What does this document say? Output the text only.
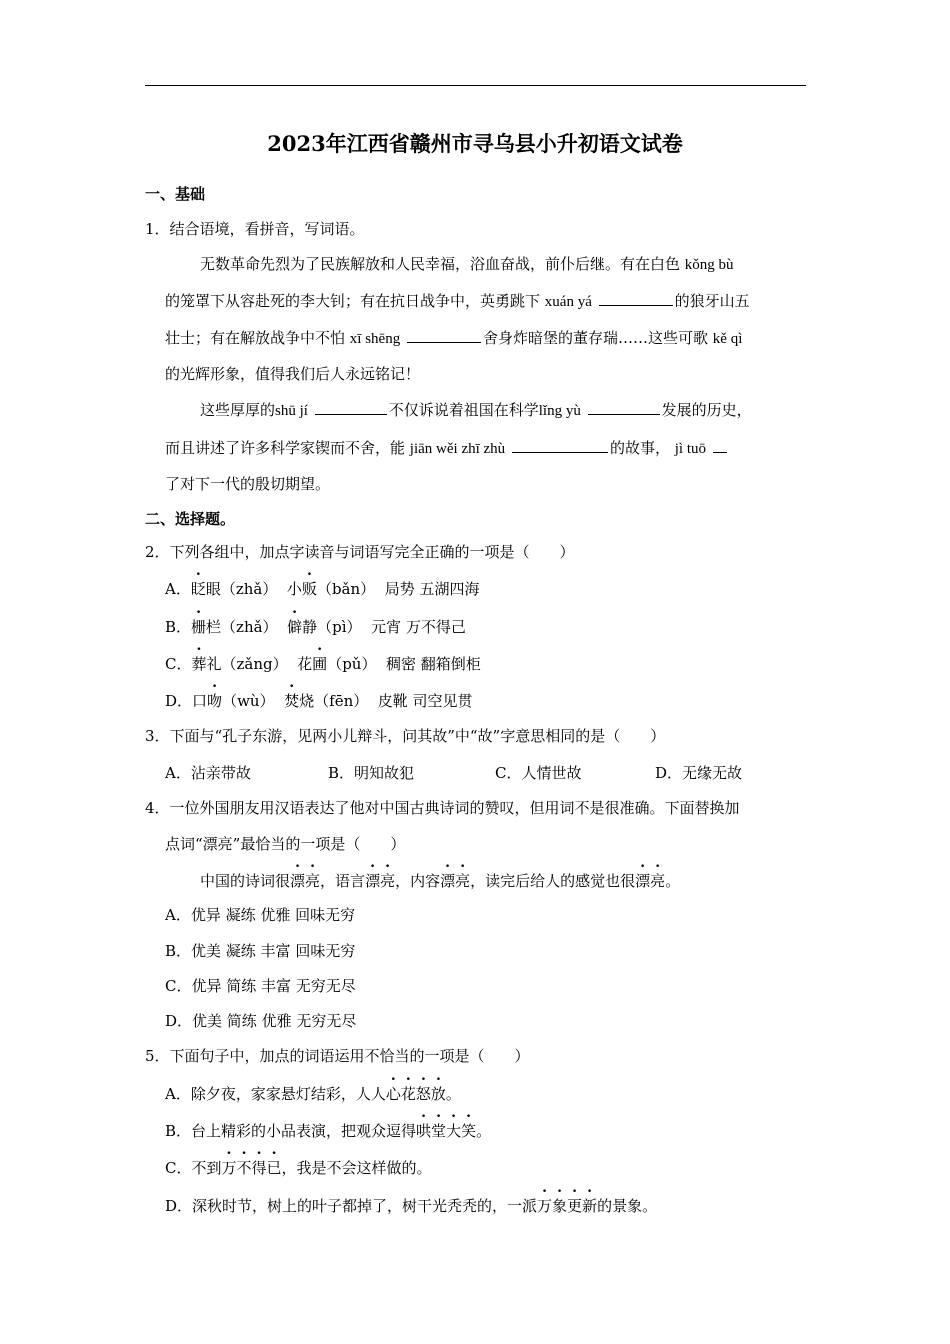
2023年江西省赣州市寻乌县小升初语文试卷
一、基础
1．结合语境，看拼音，写词语。
无数革命先烈为了民族解放和人民幸福，浴血奋战，前仆后继。有在白色 kǒng bù
的笼罩下从容赴死的李大钊；有在抗日战争中，英勇跳下 xuán yá	的狼牙山五
壮士；有在解放战争中不怕 xī shēng	舍身炸暗堡的董存瑞……这些可歌 kě qì
的光辉形象，值得我们后人永远铭记！
这些厚厚的shū jí	不仅诉说着祖国在科学lǐng yù	发展的历史，
而且讲述了许多科学家锲而不舍，能 jiān wěi zhī zhù	的故事， jì tuō
了对下一代的殷切期望。
二、选择题。
2．下列各组中，加点字读音与词语写完全正确的一项是（　　）
A．眨眼（zhǎ） 小贩（bǎn） 局势 五湖四海
B．栅栏（zhǎ） 僻静（pì） 元宵 万不得己
C．葬礼（zǎng） 花圃（pǔ） 稠密 翻箱倒柜
D．口吻（wù） 焚烧（fēn） 皮靴 司空见贯
3．下面与“孔子东游，见两小儿辩斗，问其故”中“故”字意思相同的是（　　）
A．沾亲带故	B．明知故犯	C．人情世故	D．无缘无故
4．一位外国朋友用汉语表达了他对中国古典诗词的赞叹，但用词不是很准确。下面替换加
点词“漂亮”最恰当的一项是（　　）
中国的诗词很漂亮，语言漂亮，内容漂亮，读完后给人的感觉也很漂亮。
A．优异 凝练 优雅 回味无穷
B．优美 凝练 丰富 回味无穷
C．优异 简练 丰富 无穷无尽
D．优美 简练 优雅 无穷无尽
5．下面句子中，加点的词语运用不恰当的一项是（　　）
A．除夕夜，家家悬灯结彩，人人心花怒放。
B．台上精彩的小品表演，把观众逗得哄堂大笑。
C．不到万不得已，我是不会这样做的。
D．深秋时节，树上的叶子都掉了，树干光秃秃的，一派万象更新的景象。
